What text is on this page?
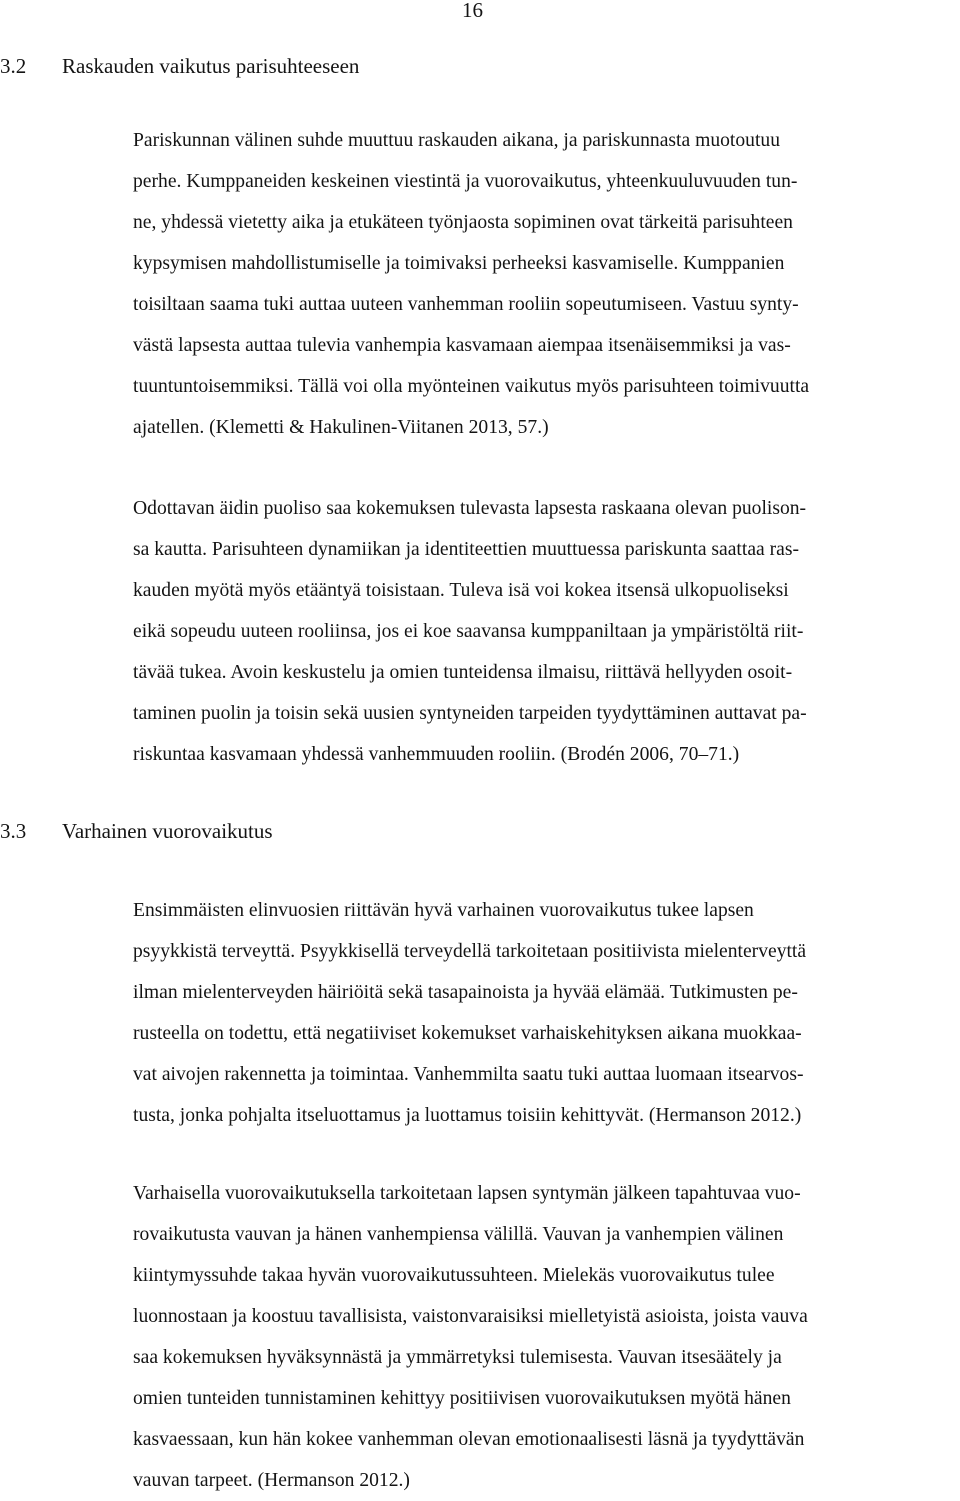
16
3.2 Raskauden vaikutus parisuhteeseen
Pariskunnan välinen suhde muuttuu raskauden aikana, ja pariskunnasta muotoutuu
perhe. Kumppaneiden keskeinen viestintä ja vuorovaikutus, yhteenkuuluvuuden tun-
ne, yhdessä vietetty aika ja etukäteen työnjaosta sopiminen ovat tärkeitä parisuhteen
kypsymisen mahdollistumiselle ja toimivaksi perheeksi kasvamiselle. Kumppanien
toisiltaan saama tuki auttaa uuteen vanhemman rooliin sopeutumiseen. Vastuu synty-
västä lapsesta auttaa tulevia vanhempia kasvamaan aiempaa itsenäisemmiksi ja vas-
tuuntuntoisemmiksi. Tällä voi olla myönteinen vaikutus myös parisuhteen toimivuutta
ajatellen. (Klemetti & Hakulinen-Viitanen 2013, 57.)
Odottavan äidin puoliso saa kokemuksen tulevasta lapsesta raskaana olevan puolison-
sa kautta. Parisuhteen dynamiikan ja identiteettien muuttuessa pariskunta saattaa ras-
kauden myötä myös etääntyä toisistaan. Tuleva isä voi kokea itsensä ulkopuoliseksi
eikä sopeudu uuteen rooliinsa, jos ei koe saavansa kumppaniltaan ja ympäristöltä riit-
tävää tukea. Avoin keskustelu ja omien tunteidensa ilmaisu, riittävä hellyyden osoit-
taminen puolin ja toisin sekä uusien syntyneiden tarpeiden tyydyttäminen auttavat pa-
riskuntaa kasvamaan yhdessä vanhemmuuden rooliin. (Brodén 2006, 70–71.)
3.3 Varhainen vuorovaikutus
Ensimmäisten elinvuosien riittävän hyvä varhainen vuorovaikutus tukee lapsen
psyykkistä terveyttä. Psyykkisellä terveydellä tarkoitetaan positiivista mielenterveyttä
ilman mielenterveyden häiriöitä sekä tasapainoista ja hyvää elämää. Tutkimusten pe-
rusteella on todettu, että negatiiviset kokemukset varhaiskehityksen aikana muokkaa-
vat aivojen rakennetta ja toimintaa. Vanhemmilta saatu tuki auttaa luomaan itsearvos-
tusta, jonka pohjalta itseluottamus ja luottamus toisiin kehittyvät. (Hermanson 2012.)
Varhaisella vuorovaikutuksella tarkoitetaan lapsen syntymän jälkeen tapahtuvaa vuo-
rovaikutusta vauvan ja hänen vanhempiensa välillä. Vauvan ja vanhempien välinen
kiintymyssuhde takaa hyvän vuorovaikutussuhteen. Mielekäs vuorovaikutus tulee
luonnostaan ja koostuu tavallisista, vaistonvaraisiksi mielletyistä asioista, joista vauva
saa kokemuksen hyväksynnästä ja ymmärretyksi tulemisesta. Vauvan itsesäätely ja
omien tunteiden tunnistaminen kehittyy positiivisen vuorovaikutuksen myötä hänen
kasvaessaan, kun hän kokee vanhemman olevan emotionaalisesti läsnä ja tyydyttävän
vauvan tarpeet. (Hermanson 2012.)
